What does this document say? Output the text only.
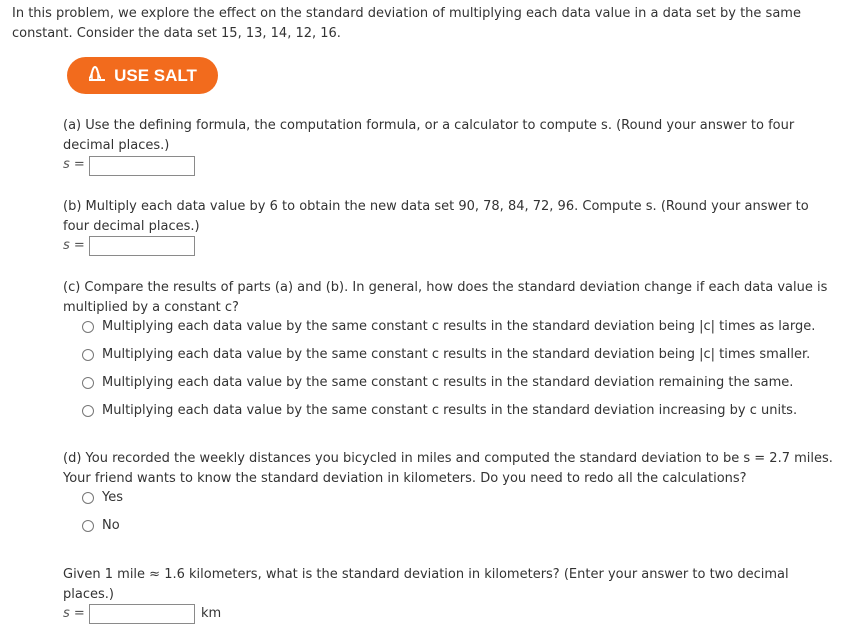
In this problem, we explore the effect on the standard deviation of multiplying each data value in a data set by the same
constant. Consider the data set 15, 13, 14, 12, 16.
USE SALT
(a) Use the defining formula, the computation formula, or a calculator to compute s. (Round your answer to four
decimal places.)
s =
(b) Multiply each data value by 6 to obtain the new data set 90, 78, 84, 72, 96. Compute s. (Round your answer to
four decimal places.)
s =
(c) Compare the results of parts (a) and (b). In general, how does the standard deviation change if each data value is
multiplied by a constant c?
Multiplying each data value by the same constant c results in the standard deviation being |c| times as large.
Multiplying each data value by the same constant c results in the standard deviation being |c| times smaller.
Multiplying each data value by the same constant c results in the standard deviation remaining the same.
Multiplying each data value by the same constant c results in the standard deviation increasing by c units.
(d) You recorded the weekly distances you bicycled in miles and computed the standard deviation to be s = 2.7 miles.
Your friend wants to know the standard deviation in kilometers. Do you need to redo all the calculations?
Yes
No
Given 1 mile ≈ 1.6 kilometers, what is the standard deviation in kilometers? (Enter your answer to two decimal
places.)
s =	km
